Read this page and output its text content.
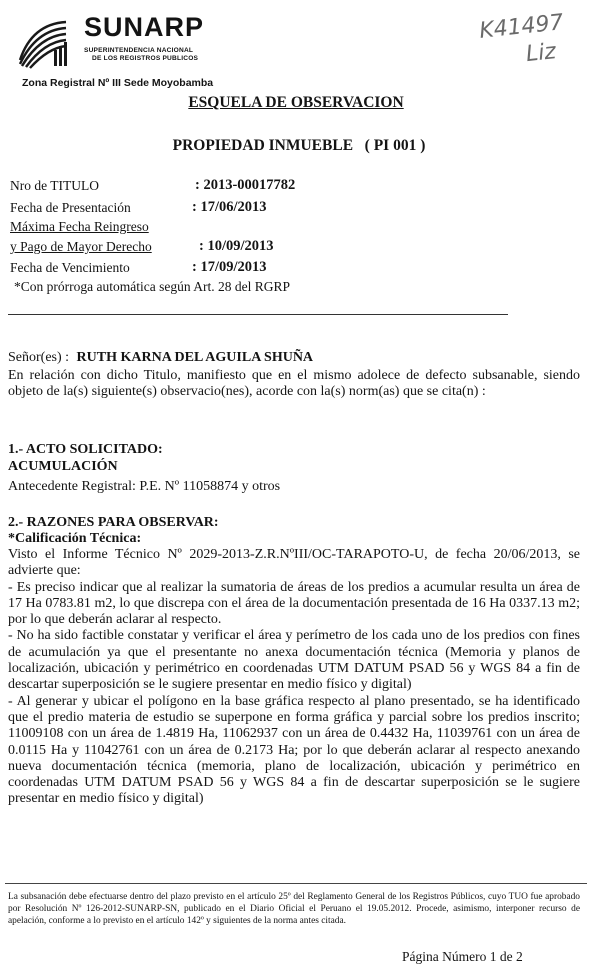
SUNARP
SUPERINTENDENCIA NACIONAL
DE LOS REGISTROS PUBLICOS
Zona Registral Nº III Sede Moyobamba
K41497
Liz
ESQUELA DE OBSERVACION
PROPIEDAD INMUEBLE   ( PI 001 )
Nro de TITULO	: 2013-00017782
Fecha de Presentación	: 17/06/2013
Máxima Fecha Reingreso
y Pago de Mayor Derecho	: 10/09/2013
Fecha de Vencimiento	: 17/09/2013
*Con prórroga automática según Art. 28 del RGRP
Señor(es) : RUTH KARNA DEL AGUILA SHUÑA
En relación con dicho Titulo, manifiesto que en el mismo adolece de defecto subsanable, siendo objeto de la(s) siguiente(s) observacio(nes), acorde con la(s) norm(as) que se cita(n) :
1.- ACTO SOLICITADO:
ACUMULACIÓN
Antecedente Registral: P.E. Nº 11058874 y otros
2.- RAZONES PARA OBSERVAR:
*Calificación Técnica:
Visto el Informe Técnico Nº 2029-2013-Z.R.NºIII/OC-TARAPOTO-U, de fecha 20/06/2013, se advierte que:
- Es preciso indicar que al realizar la sumatoria de áreas de los predios a acumular resulta un área de 17 Ha 0783.81 m2, lo que discrepa con el área de la documentación presentada de 16 Ha 0337.13 m2; por lo que deberán aclarar al respecto.
- No ha sido factible constatar y verificar el área y perímetro de los cada uno de los predios con fines de acumulación ya que el presentante no anexa documentación técnica (Memoria y planos de localización, ubicación y perimétrico en coordenadas UTM DATUM PSAD 56 y WGS 84 a fin de descartar superposición se le sugiere presentar en medio físico y digital)
- Al generar y ubicar el polígono en la base gráfica respecto al plano presentado, se ha identificado que el predio materia de estudio se superpone en forma gráfica y parcial sobre los predios inscrito; 11009108 con un área de 1.4819 Ha, 11062937 con un área de 0.4432 Ha, 11039761 con un área de 0.0115 Ha y 11042761 con un área de 0.2173 Ha; por lo que deberán aclarar al respecto anexando nueva documentación técnica (memoria, plano de localización, ubicación y perimétrico en coordenadas UTM DATUM PSAD 56 y WGS 84 a fin de descartar superposición se le sugiere presentar en medio físico y digital)
La subsanación debe efectuarse dentro del plazo previsto en el artículo 25º del Reglamento General de los Registros Públicos, cuyo TUO fue aprobado por Resolución Nº 126-2012-SUNARP-SN, publicado en el Diario Oficial el Peruano el 19.05.2012. Procede, asimismo, interponer recurso de apelación, conforme a lo previsto en el artículo 142º y siguientes de la norma antes citada.
Página Número 1 de 2
